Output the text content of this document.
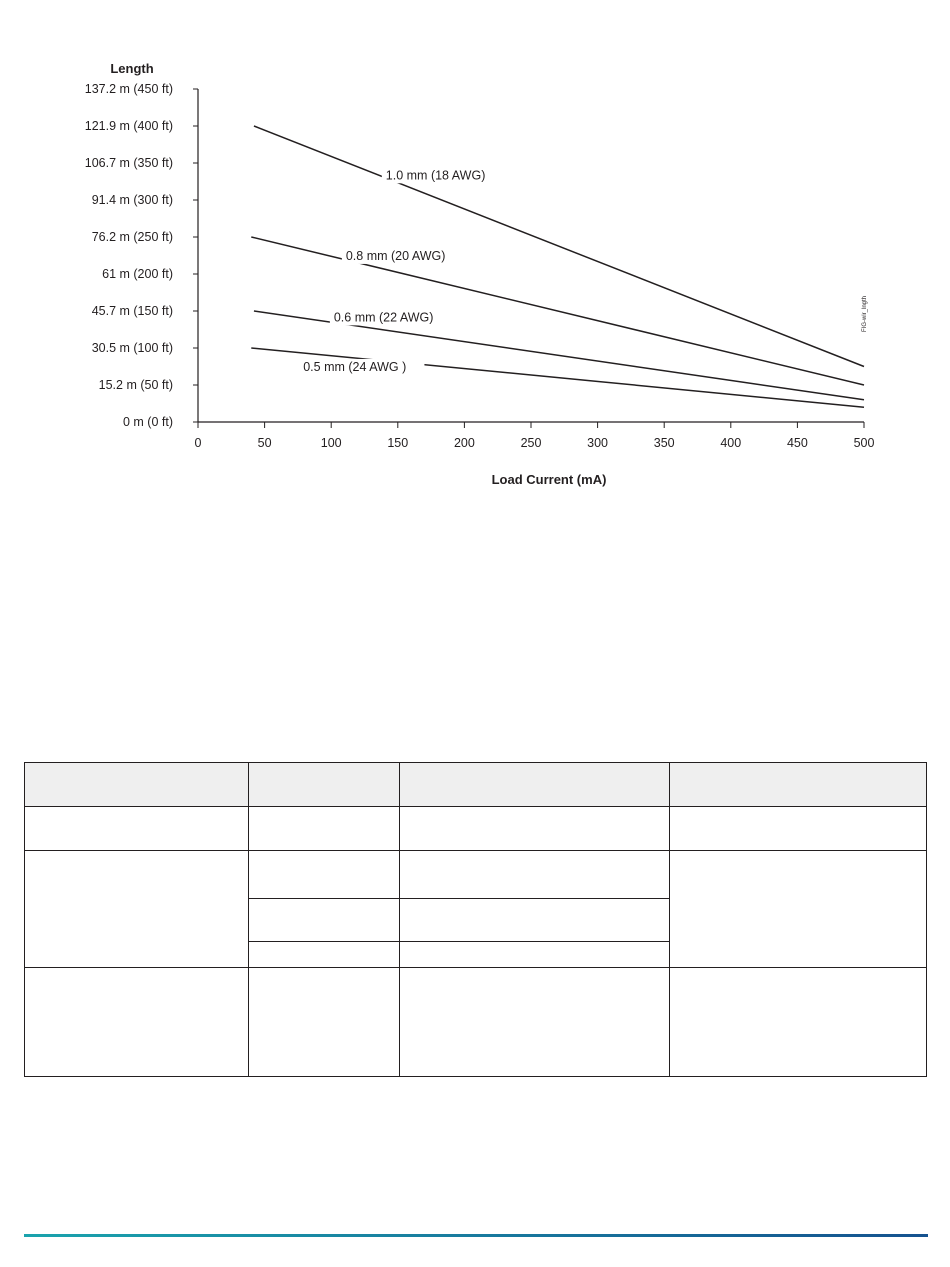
Length
Load Current (mA)
FIG-wir_lngth
0 m (0 ft)
15.2 m (50 ft)
30.5 m (100 ft)
45.7 m (150 ft)
61 m (200 ft)
76.2 m (250 ft)
91.4 m (300 ft)
106.7 m (350 ft)
121.9 m (400 ft)
137.2 m (450 ft)
0	50	100	150	200	250	300	350	400	450	500
1.0 mm (18 AWG)
0.8 mm (20 AWG)
0.6 mm (22 AWG)
0.5 mm (24 AWG )
